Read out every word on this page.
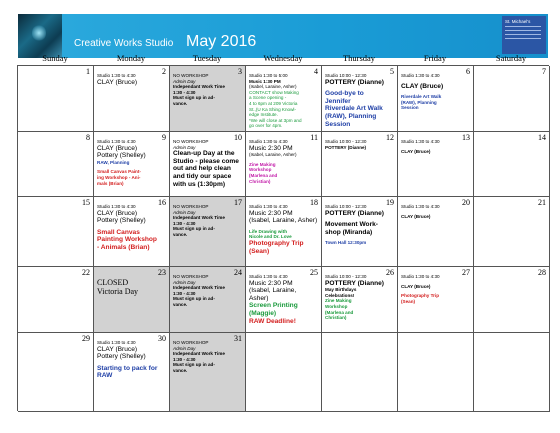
Creative Works Studio May 2016
St. Michael's
Sunday	Monday	Tuesday	Wednesday	Thursday	Friday	Saturday
1	2
Studio 1:30 to 4:30
CLAY (Bruce)
3
NO WORKSHOP
Admin Day
Independant Work Time
1:30 - 4:30
Must sign up in ad-
vance.
4
Studio 1:30 to 5:00
Music 1:30 PM
(Isabel, Laraine, Asher)
CONTACT show Making
a Scene opening -
4 to 6pm at 209 Victoria
St.,(U Ka Shing Knowl-
edge Institute.
*We will close at 3pm and
go over for 4pm.
5
Studio 10:00 - 12:30
POTTERY (Dianne)
Good-bye to
Jennifer
Riverdale Art Walk
(RAW), Planning
Session
6
Studio 1:30 to 4:30
CLAY (Bruce)
Riverdale Art Walk
(RAW), Planning
Session
7
8	9
Studio 1:30 to 4:30
CLAY (Bruce)
Pottery (Shelley)
RAW, Planning
Small Canvas Paint-
ing Workshop - Ani-
mals (Brian)
10
NO WORKSHOP
Admin Day
Clean-up Day at the
Studio - please come
out and help clean
and tidy our space
with us (1:30pm)
11
Studio 1:30 to 4:30
Music 2:30 PM
(Isabel, Laraine, Asher)
Zine Making
Workshop
(Marlena and
Christian)
12
Studio 10:00 - 12:30
POTTERY (Dianne)
13
Studio 1:30 to 4:30
CLAY (Bruce)
14
15	16
Studio 1:30 to 4:30
CLAY (Bruce)
Pottery (Shelley)
Small Canvas
Painting Workshop
- Animals (Brian)
17
NO WORKSHOP
Admin Day
Independant Work Time
1:30 - 4:30
Must sign up in ad-
vance.
18
Studio 1:30 to 4:30
Music 2:30 PM
(Isabel, Laraine, Asher)
Life Drawing with
Nicole and Dr. Love
Photography Trip
(Sean)
19
Studio 10:00 - 12:30
POTTERY (Dianne)
Movement Work-
shop (Miranda)
Town Hall 12:30pm
20
Studio 1:30 to 4:30
CLAY (Bruce)
21
22	23
CLOSED
Victoria Day
24
NO WORKSHOP
Admin Day
Independant Work Time
1:30 - 4:30
Must sign up in ad-
vance.
25
Studio 1:30 to 4:30
Music 2:30 PM
(Isabel, Laraine,
Asher)
Screen Printing
(Maggie)
RAW Deadline!
26
Studio 10:00 - 12:30
POTTERY (Dianne)
May Birthdays
Celebrations!
Zine Making
Workshop
(Marlena and
Christian)
27
Studio 1:30 to 4:30
CLAY (Bruce)
Photography Trip
(Sean)
28
29	30
Studio 1:30 to 4:30
CLAY (Bruce)
Pottery (Shelley)
Starting to pack for
RAW
31
NO WORKSHOP
Admin Day
Independant Work Time
1:30 - 4:30
Must sign up in ad-
vance.
